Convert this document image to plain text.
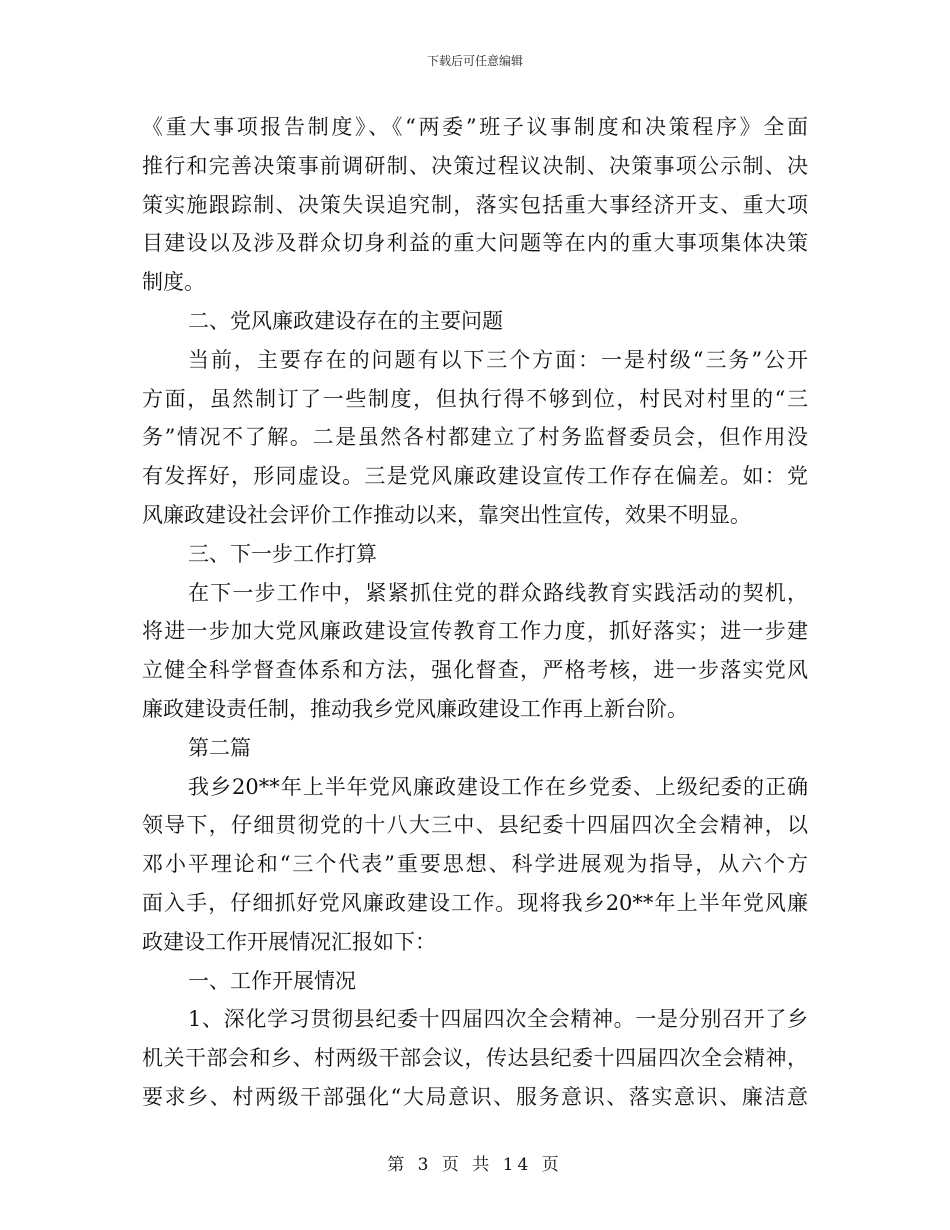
下载后可任意编辑
《重大事项报告制度》、《“两委”班子议事制度和决策程序》全面
推行和完善决策事前调研制、决策过程议决制、决策事项公示制、决
策实施跟踪制、决策失误追究制，落实包括重大事经济开支、重大项
目建设以及涉及群众切身利益的重大问题等在内的重大事项集体决策
制度。
二、党风廉政建设存在的主要问题
当前，主要存在的问题有以下三个方面：一是村级“三务”公开
方面，虽然制订了一些制度，但执行得不够到位，村民对村里的“三
务”情况不了解。二是虽然各村都建立了村务监督委员会，但作用没
有发挥好，形同虚设。三是党风廉政建设宣传工作存在偏差。如：党
风廉政建设社会评价工作推动以来，靠突出性宣传，效果不明显。
三、下一步工作打算
在下一步工作中，紧紧抓住党的群众路线教育实践活动的契机，
将进一步加大党风廉政建设宣传教育工作力度，抓好落实；进一步建
立健全科学督查体系和方法，强化督查，严格考核，进一步落实党风
廉政建设责任制，推动我乡党风廉政建设工作再上新台阶。
第二篇
我乡20**年上半年党风廉政建设工作在乡党委、上级纪委的正确
领导下，仔细贯彻党的十八大三中、县纪委十四届四次全会精神，以
邓小平理论和“三个代表”重要思想、科学进展观为指导，从六个方
面入手，仔细抓好党风廉政建设工作。现将我乡20**年上半年党风廉
政建设工作开展情况汇报如下：
一、工作开展情况
1、深化学习贯彻县纪委十四届四次全会精神。一是分别召开了乡
机关干部会和乡、村两级干部会议，传达县纪委十四届四次全会精神，
要求乡、村两级干部强化“大局意识、服务意识、落实意识、廉洁意
第 3 页 共 14 页
